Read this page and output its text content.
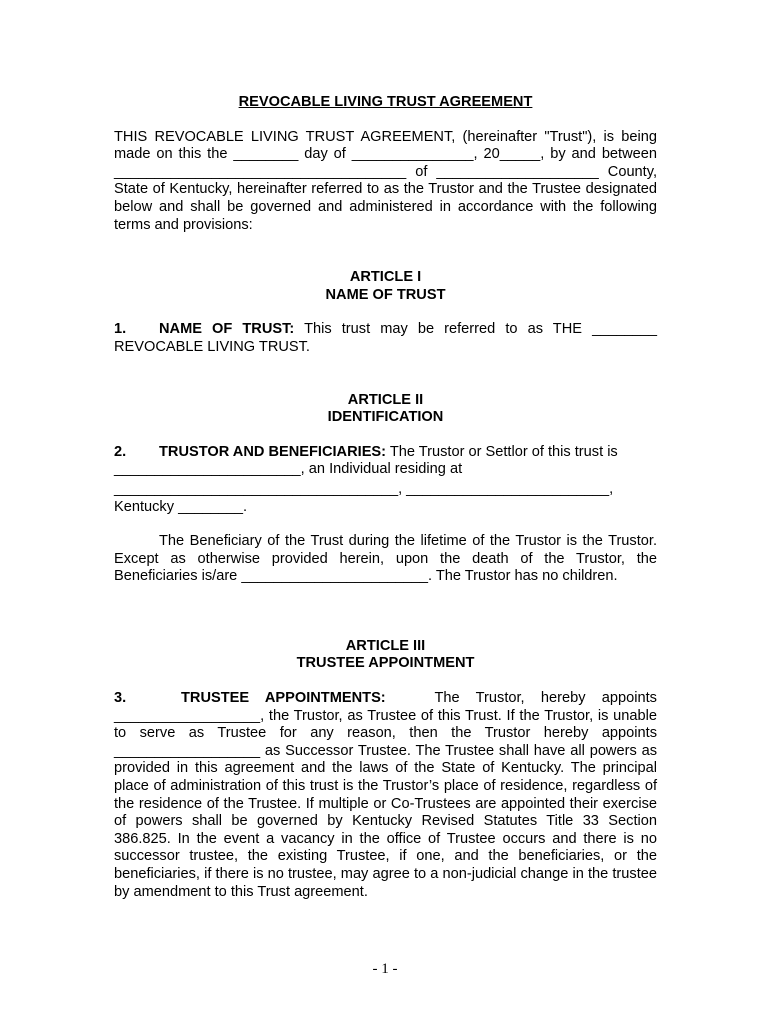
REVOCABLE LIVING TRUST AGREEMENT

THIS REVOCABLE LIVING TRUST AGREEMENT, (hereinafter "Trust"), is being made on this the ________ day of _______________, 20_____, by and between ____________________________________ of ____________________ County, State of Kentucky, hereinafter referred to as the Trustor and the Trustee designated below and shall be governed and administered in accordance with the following terms and provisions:

ARTICLE I

NAME OF TRUST

1. NAME OF TRUST: This trust may be referred to as THE ________ REVOCABLE LIVING TRUST.

ARTICLE II

IDENTIFICATION

2. TRUSTOR AND BENEFICIARIES: The Trustor or Settlor of this trust is
_______________________, an Individual residing at
___________________________________, _________________________,
Kentucky ________.

The Beneficiary of the Trust during the lifetime of the Trustor is the Trustor. Except as otherwise provided herein, upon the death of the Trustor, the Beneficiaries is/are _______________________. The Trustor has no children.

ARTICLE III

TRUSTEE APPOINTMENT

3.	TRUSTEE APPOINTMENTS:	The Trustor, hereby appoints __________________, the Trustor, as Trustee of this Trust. If the Trustor, is unable to serve as Trustee for any reason, then the Trustor hereby appoints __________________ as Successor Trustee. The Trustee shall have all powers as provided in this agreement and the laws of the State of Kentucky. The principal place of administration of this trust is the Trustor’s place of residence, regardless of the residence of the Trustee. If multiple or Co-Trustees are appointed their exercise of powers shall be governed by Kentucky Revised Statutes Title 33 Section 386.825. In the event a vacancy in the office of Trustee occurs and there is no successor trustee, the existing Trustee, if one, and the beneficiaries, or the beneficiaries, if there is no trustee, may agree to a non-judicial change in the trustee by amendment to this Trust agreement.

- 1 -
